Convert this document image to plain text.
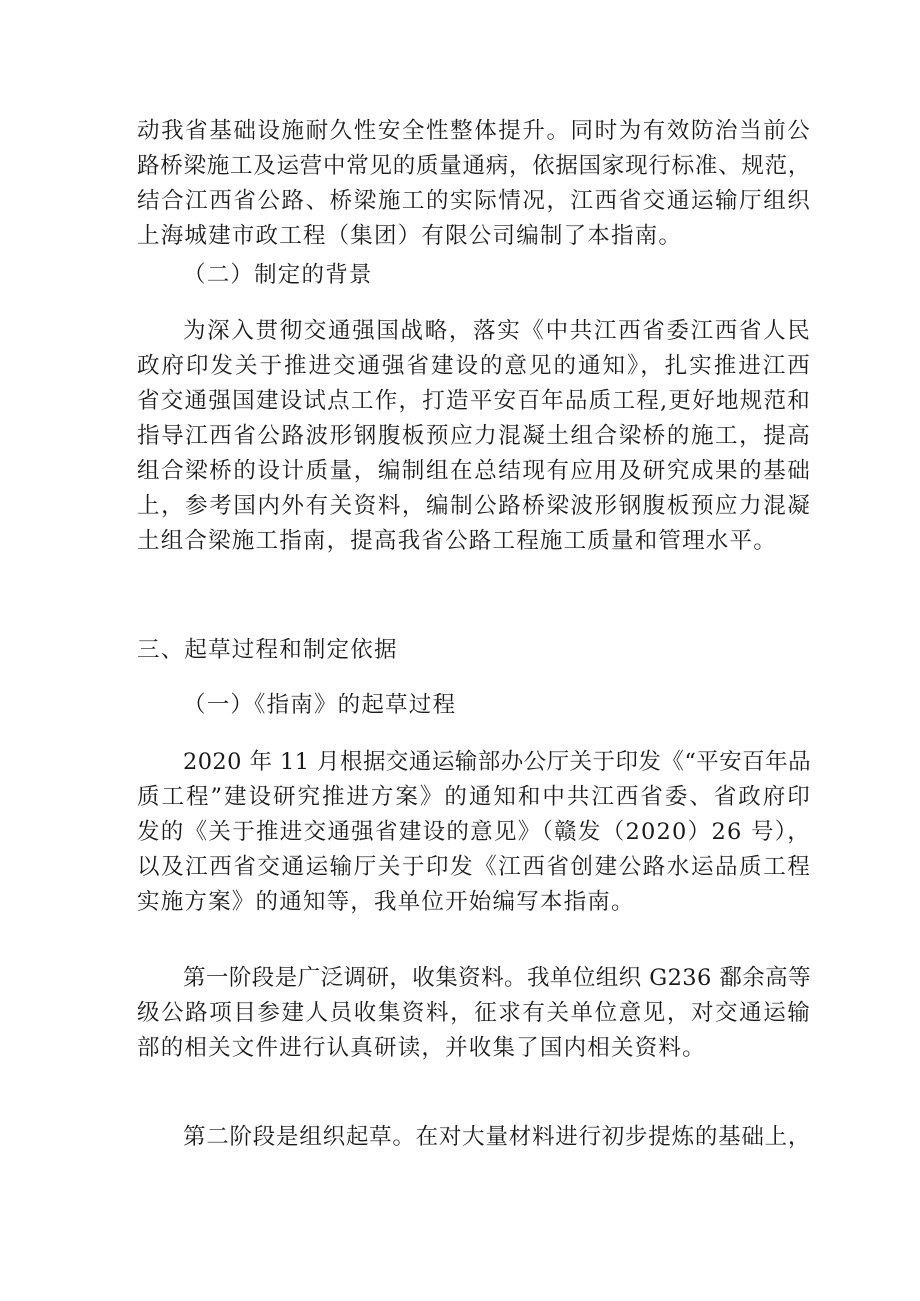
动我省基础设施耐久性安全性整体提升。同时为有效防治当前公
路桥梁施工及运营中常见的质量通病，依据国家现行标准、规范，
结合江西省公路、桥梁施工的实际情况，江西省交通运输厅组织
上海城建市政工程（集团）有限公司编制了本指南。
（二）制定的背景
为深入贯彻交通强国战略，落实《中共江西省委江西省人民
政府印发关于推进交通强省建设的意见的通知》，扎实推进江西
省交通强国建设试点工作，打造平安百年品质工程,更好地规范和
指导江西省公路波形钢腹板预应力混凝土组合梁桥的施工，提高
组合梁桥的设计质量，编制组在总结现有应用及研究成果的基础
上，参考国内外有关资料，编制公路桥梁波形钢腹板预应力混凝
土组合梁施工指南，提高我省公路工程施工质量和管理水平。
三、起草过程和制定依据
（一）《指南》的起草过程
2020 年 11 月根据交通运输部办公厅关于印发《“平安百年品
质工程”建设研究推进方案》的通知和中共江西省委、省政府印
发的《关于推进交通强省建设的意见》（赣发（2020）26 号），
以及江西省交通运输厅关于印发《江西省创建公路水运品质工程
实施方案》的通知等，我单位开始编写本指南。
第一阶段是广泛调研，收集资料。我单位组织 G236 鄱余高等
级公路项目参建人员收集资料，征求有关单位意见，对交通运输
部的相关文件进行认真研读，并收集了国内相关资料。
第二阶段是组织起草。在对大量材料进行初步提炼的基础上，
